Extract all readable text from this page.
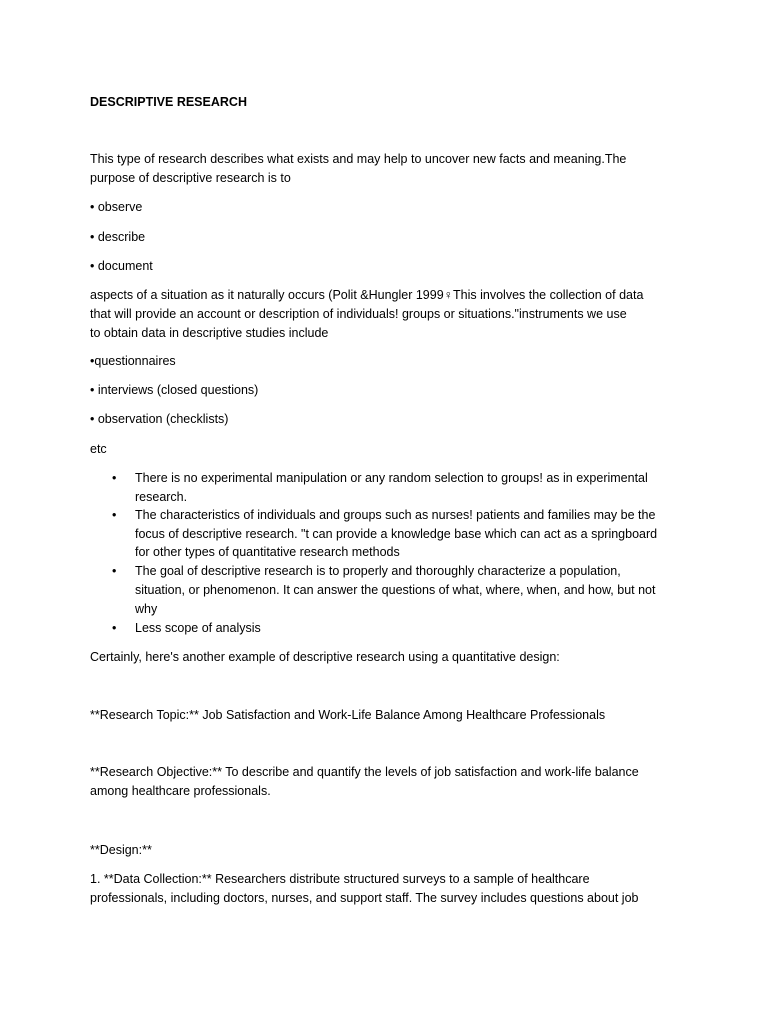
DESCRIPTIVE RESEARCH
This type of research describes what exists and may help to uncover new facts and meaning.The
purpose of descriptive research is to
• observe
• describe
• document
aspects of a situation as it naturally occurs (Polit &Hungler 1999♀This involves the collection of data
that will provide an account or description of individuals! groups or situations."instruments we use
to obtain data in descriptive studies include
•questionnaires
• interviews (closed questions)
• observation (checklists)
etc
• There is no experimental manipulation or any random selection to groups! as in experimental
research.
• The characteristics of individuals and groups such as nurses! patients and families may be the
focus of descriptive research. "t can provide a knowledge base which can act as a springboard
for other types of quantitative research methods
• The goal of descriptive research is to properly and thoroughly characterize a population,
situation, or phenomenon. It can answer the questions of what, where, when, and how, but not
why
• Less scope of analysis
Certainly, here's another example of descriptive research using a quantitative design:
**Research Topic:** Job Satisfaction and Work-Life Balance Among Healthcare Professionals
**Research Objective:** To describe and quantify the levels of job satisfaction and work-life balance
among healthcare professionals.
**Design:**
1. **Data Collection:** Researchers distribute structured surveys to a sample of healthcare
professionals, including doctors, nurses, and support staff. The survey includes questions about job
